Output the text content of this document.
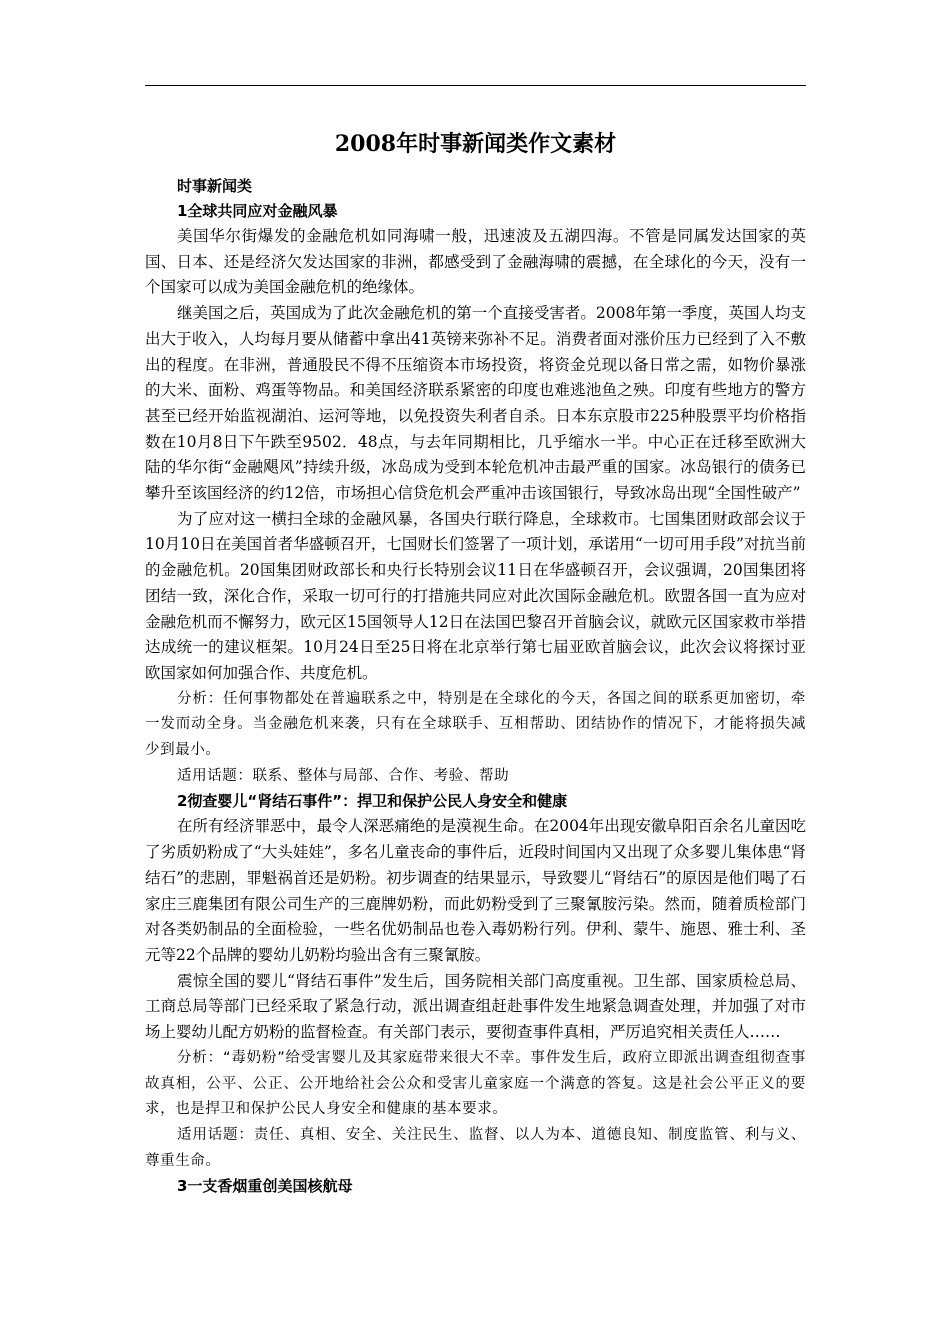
2008年时事新闻类作文素材
时事新闻类
1全球共同应对金融风暴

美国华尔街爆发的金融危机如同海啸一般，迅速波及五湖四海。不管是同属发达国家的英国、日本、还是经济欠发达国家的非洲，都感受到了金融海啸的震撼，在全球化的今天，没有一个国家可以成为美国金融危机的绝缘体。

继美国之后，英国成为了此次金融危机的第一个直接受害者。2008年第一季度，英国人均支出大于收入，人均每月要从储蓄中拿出41英镑来弥补不足。消费者面对涨价压力已经到了入不敷出的程度。在非洲，普通股民不得不压缩资本市场投资，将资金兑现以备日常之需，如物价暴涨的大米、面粉、鸡蛋等物品。和美国经济联系紧密的印度也难逃池鱼之殃。印度有些地方的警方甚至已经开始监视湖泊、运河等地，以免投资失利者自杀。日本东京股市225种股票平均价格指数在10月8日下午跌至9502．48点，与去年同期相比，几乎缩水一半。中心正在迁移至欧洲大陆的华尔街“金融飓风”持续升级，冰岛成为受到本轮危机冲击最严重的国家。冰岛银行的债务已攀升至该国经济的约12倍，市场担心信贷危机会严重冲击该国银行，导致冰岛出现“全国性破产”

为了应对这一横扫全球的金融风暴，各国央行联行降息，全球救市。七国集团财政部会议于10月10日在美国首者华盛顿召开，七国财长们签署了一项计划，承诺用“一切可用手段”对抗当前的金融危机。20国集团财政部长和央行长特别会议11日在华盛顿召开，会议强调，20国集团将团结一致，深化合作，采取一切可行的打措施共同应对此次国际金融危机。欧盟各国一直为应对金融危机而不懈努力，欧元区15国领导人12日在法国巴黎召开首脑会议，就欧元区国家救市举措达成统一的建议框架。10月24日至25日将在北京举行第七届亚欧首脑会议，此次会议将探讨亚欧国家如何加强合作、共度危机。

分析：任何事物都处在普遍联系之中，特别是在全球化的今天，各国之间的联系更加密切，牵一发而动全身。当金融危机来袭，只有在全球联手、互相帮助、团结协作的情况下，才能将损失减少到最小。

适用话题：联系、整体与局部、合作、考验、帮助

2彻查婴儿“肾结石事件”：捍卫和保护公民人身安全和健康

在所有经济罪恶中，最令人深恶痛绝的是漠视生命。在2004年出现安徽阜阳百余名儿童因吃了劣质奶粉成了“大头娃娃”，多名儿童丧命的事件后，近段时间国内又出现了众多婴儿集体患“肾结石”的悲剧，罪魁祸首还是奶粉。初步调查的结果显示，导致婴儿“肾结石”的原因是他们喝了石家庄三鹿集团有限公司生产的三鹿牌奶粉，而此奶粉受到了三聚氰胺污染。然而，随着质检部门对各类奶制品的全面检验，一些名优奶制品也卷入毒奶粉行列。伊利、蒙牛、施恩、雅士利、圣元等22个品牌的婴幼儿奶粉均验出含有三聚氰胺。

震惊全国的婴儿“肾结石事件”发生后，国务院相关部门高度重视。卫生部、国家质检总局、工商总局等部门已经采取了紧急行动，派出调查组赶赴事件发生地紧急调查处理，并加强了对市场上婴幼儿配方奶粉的监督检查。有关部门表示，要彻查事件真相，严厉追究相关责任人……

分析：“毒奶粉”给受害婴儿及其家庭带来很大不幸。事件发生后，政府立即派出调查组彻查事故真相，公平、公正、公开地给社会公众和受害儿童家庭一个满意的答复。这是社会公平正义的要求，也是捍卫和保护公民人身安全和健康的基本要求。

适用话题：责任、真相、安全、关注民生、监督、以人为本、道德良知、制度监管、利与义、尊重生命。

3一支香烟重创美国核航母
